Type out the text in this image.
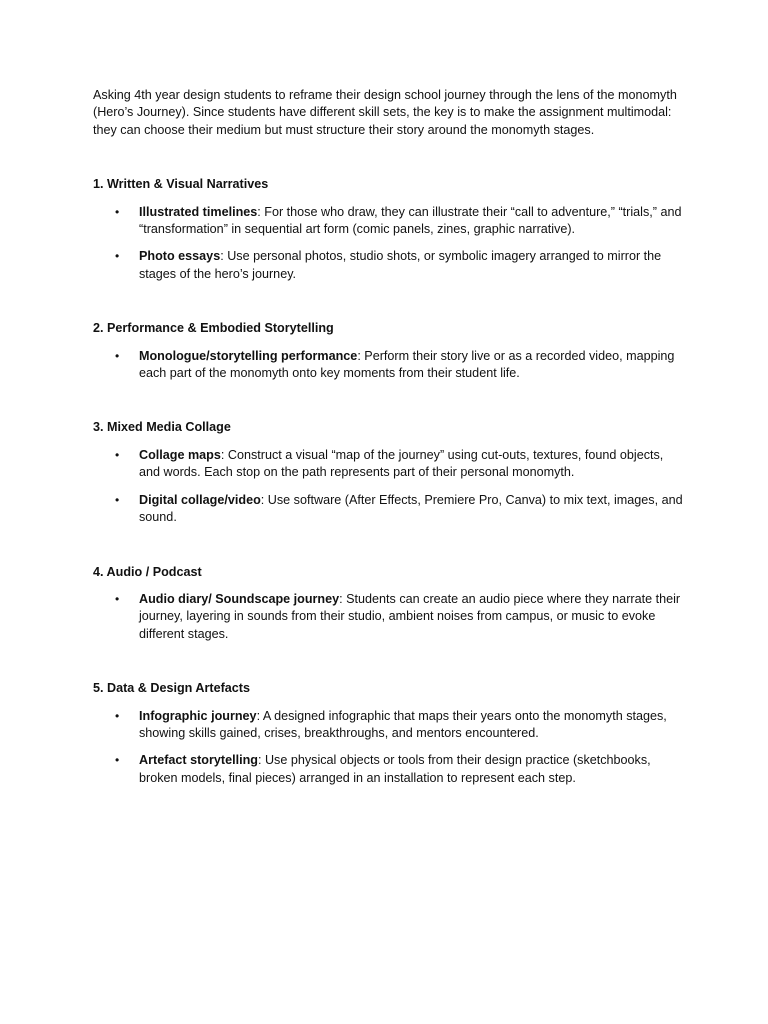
Asking 4th year design students to reframe their design school journey through the lens of the monomyth (Hero’s Journey). Since students have different skill sets, the key is to make the assignment multimodal: they can choose their medium but must structure their story around the monomyth stages.

1. Written & Visual Narratives

• Illustrated timelines: For those who draw, they can illustrate their “call to adventure,” “trials,” and “transformation” in sequential art form (comic panels, zines, graphic narrative).
• Photo essays: Use personal photos, studio shots, or symbolic imagery arranged to mirror the stages of the hero’s journey.

2. Performance & Embodied Storytelling

• Monologue/storytelling performance: Perform their story live or as a recorded video, mapping each part of the monomyth onto key moments from their student life.

3. Mixed Media Collage

• Collage maps: Construct a visual “map of the journey” using cut-outs, textures, found objects, and words. Each stop on the path represents part of their personal monomyth.
• Digital collage/video: Use software (After Effects, Premiere Pro, Canva) to mix text, images, and sound.

4. Audio / Podcast

• Audio diary/ Soundscape journey: Students can create an audio piece where they narrate their journey, layering in sounds from their studio, ambient noises from campus, or music to evoke different stages.

5. Data & Design Artefacts

• Infographic journey: A designed infographic that maps their years onto the monomyth stages, showing skills gained, crises, breakthroughs, and mentors encountered.
• Artefact storytelling: Use physical objects or tools from their design practice (sketchbooks, broken models, final pieces) arranged in an installation to represent each step.
